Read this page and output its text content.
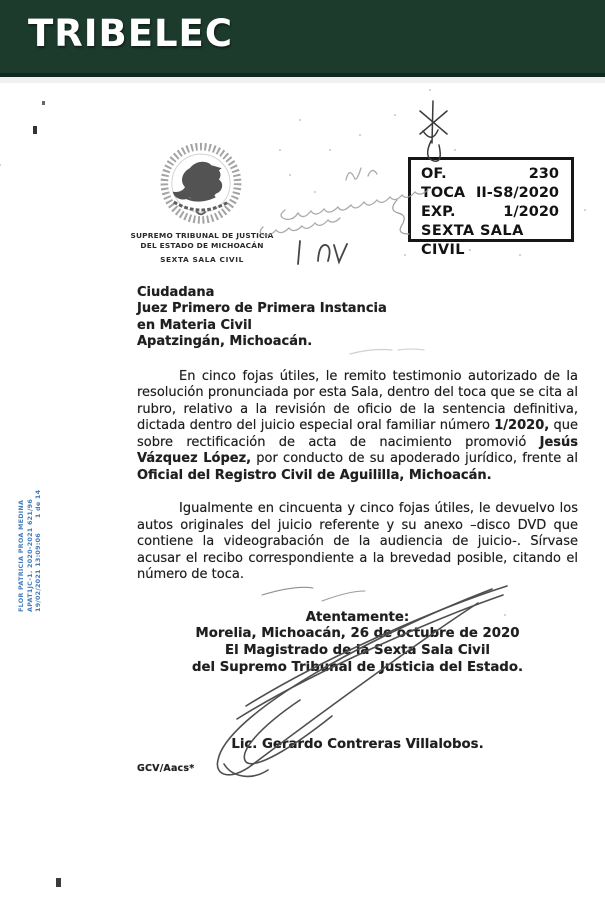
TRIBELEC
SUPREMO TRIBUNAL DE JUSTICIA
DEL ESTADO DE MICHOACÁN
SEXTA SALA CIVIL
OF.	230
TOCA II-S8/2020
EXP.	1/2020
SEXTA SALA CIVIL
Ciudadana
Juez Primero de Primera Instancia
en Materia Civil
Apatzingán, Michoacán.

En cinco fojas útiles, le remito testimonio autorizado de la resolución pronunciada por esta Sala, dentro del toca que se cita al rubro, relativo a la revisión de oficio de la sentencia definitiva, dictada dentro del juicio especial oral familiar número 1/2020, que sobre rectificación de acta de nacimiento promovió Jesús Vázquez López, por conducto de su apoderado jurídico, frente al Oficial del Registro Civil de Aguililla, Michoacán.

Igualmente en cincuenta y cinco fojas útiles, le devuelvo los autos originales del juicio referente y su anexo –disco DVD que contiene la videograbación de la audiencia de juicio-. Sírvase acusar el recibo correspondiente a la brevedad posible, citando el número de toca.

Atentamente:
Morelia, Michoacán, 26 de octubre de 2020
El Magistrado de la Sexta Sala Civil
del Supremo Tribunal de Justicia del Estado.
Lic. Gerardo Contreras Villalobos.
GCV/Aacs*
FLOR PATRICIA PROA MEDINA APAT1JC-1. 2020-2021 621/96 19/02/2021 13:09:06      1 de 14
